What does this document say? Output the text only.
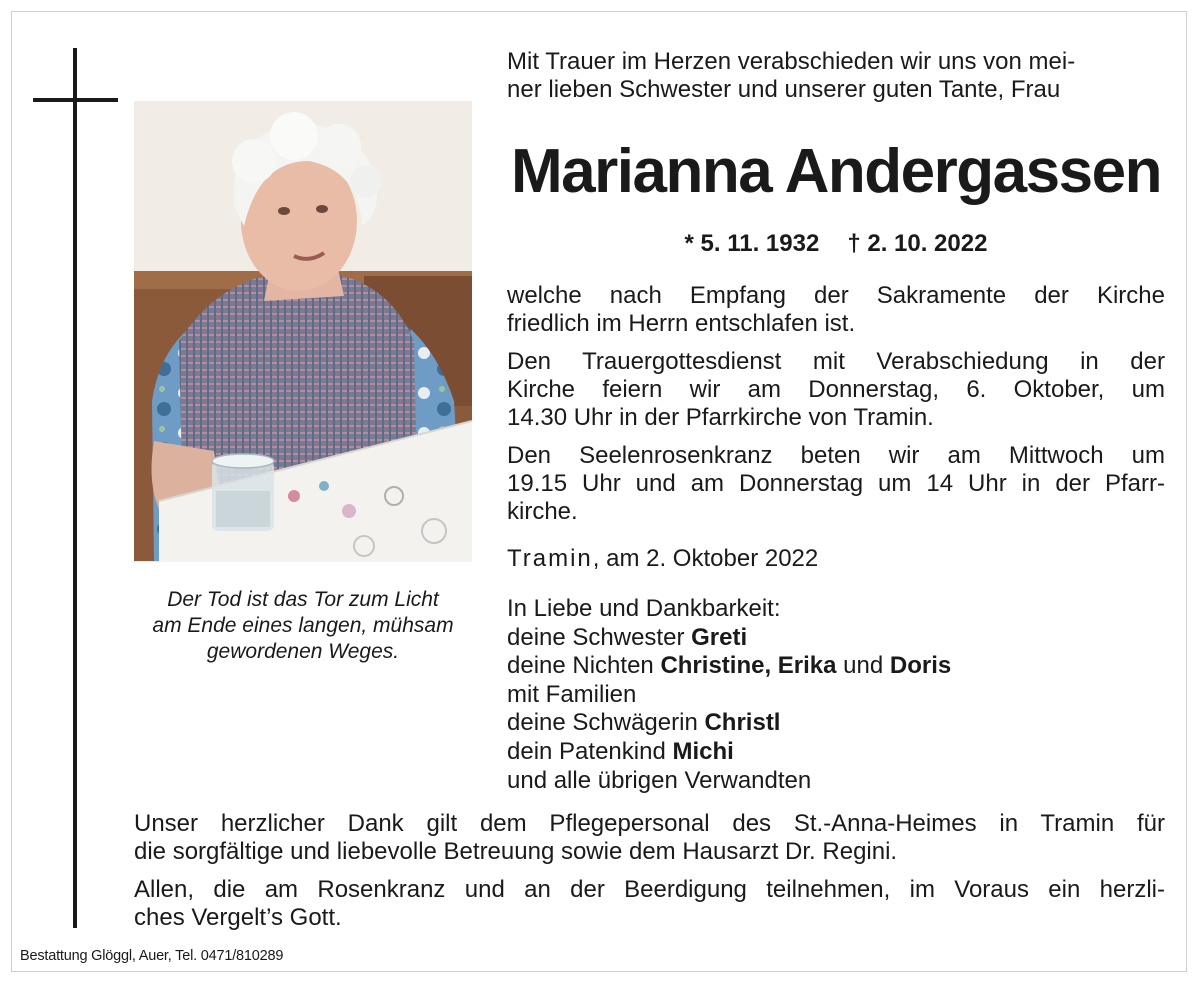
Der Tod ist das Tor zum Licht
am Ende eines langen, mühsam
gewordenen Weges.
Mit Trauer im Herzen verabschieden wir uns von mei-
ner lieben Schwester und unserer guten Tante, Frau
Marianna Andergassen
* 5. 11. 1932 † 2. 10. 2022
welche nach Empfang der Sakramente der Kirche
friedlich im Herrn entschlafen ist.
Den Trauergottesdienst mit Verabschiedung in der
Kirche feiern wir am Donnerstag, 6. Oktober, um
14.30 Uhr in der Pfarrkirche von Tramin.
Den Seelenrosenkranz beten wir am Mittwoch um
19.15 Uhr und am Donnerstag um 14 Uhr in der Pfarr-
kirche.
Tramin, am 2. Oktober 2022
In Liebe und Dankbarkeit:
deine Schwester Greti
deine Nichten Christine, Erika und Doris
mit Familien
deine Schwägerin Christl
dein Patenkind Michi
und alle übrigen Verwandten
Unser herzlicher Dank gilt dem Pflegepersonal des St.-Anna-Heimes in Tramin für
die sorgfältige und liebevolle Betreuung sowie dem Hausarzt Dr. Regini.
Allen, die am Rosenkranz und an der Beerdigung teilnehmen, im Voraus ein herzli-
ches Vergelt’s Gott.
Bestattung Glöggl, Auer, Tel. 0471/810289
